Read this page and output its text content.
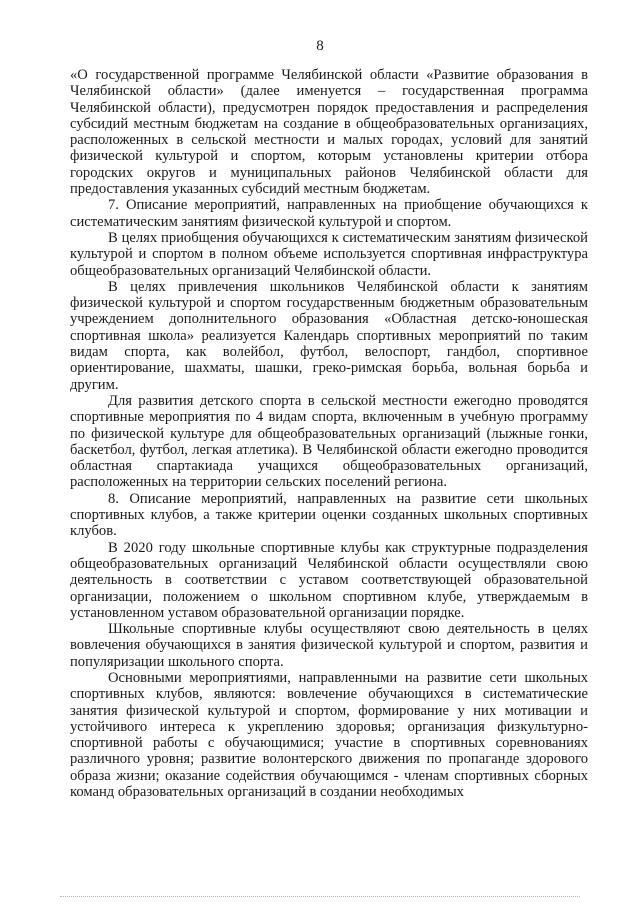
8

«О государственной программе Челябинской области «Развитие образования в Челябинской области» (далее именуется – государственная программа Челябинской области), предусмотрен порядок предоставления и распределения субсидий местным бюджетам на создание в общеобразовательных организациях, расположенных в сельской местности и малых городах, условий для занятий физической культурой и спортом, которым установлены критерии отбора городских округов и муниципальных районов Челябинской области для предоставления указанных субсидий местным бюджетам.

7. Описание мероприятий, направленных на приобщение обучающихся к систематическим занятиям физической культурой и спортом.

В целях приобщения обучающихся к систематическим занятиям физической культурой и спортом в полном объеме используется спортивная инфраструктура общеобразовательных организаций Челябинской области.

В целях привлечения школьников Челябинской области к занятиям физической культурой и спортом государственным бюджетным образовательным учреждением дополнительного образования «Областная детско-юношеская спортивная школа» реализуется Календарь спортивных мероприятий по таким видам спорта, как волейбол, футбол, велоспорт, гандбол, спортивное ориентирование, шахматы, шашки, греко-римская борьба, вольная борьба и другим.

Для развития детского спорта в сельской местности ежегодно проводятся спортивные мероприятия по 4 видам спорта, включенным в учебную программу по физической культуре для общеобразовательных организаций (лыжные гонки, баскетбол, футбол, легкая атлетика). В Челябинской области ежегодно проводится областная спартакиада учащихся общеобразовательных организаций, расположенных на территории сельских поселений региона.

8. Описание мероприятий, направленных на развитие сети школьных спортивных клубов, а также критерии оценки созданных школьных спортивных клубов.

В 2020 году школьные спортивные клубы как структурные подразделения общеобразовательных организаций Челябинской области осуществляли свою деятельность в соответствии с уставом соответствующей образовательной организации, положением о школьном спортивном клубе, утверждаемым в установленном уставом образовательной организации порядке.

Школьные спортивные клубы осуществляют свою деятельность в целях вовлечения обучающихся в занятия физической культурой и спортом, развития и популяризации школьного спорта.

Основными мероприятиями, направленными на развитие сети школьных спортивных клубов, являются: вовлечение обучающихся в систематические занятия физической культурой и спортом, формирование у них мотивации и устойчивого интереса к укреплению здоровья; организация физкультурно-спортивной работы с обучающимися; участие в спортивных соревнованиях различного уровня; развитие волонтерского движения по пропаганде здорового образа жизни; оказание содействия обучающимся - членам спортивных сборных команд образовательных организаций в создании необходимых
